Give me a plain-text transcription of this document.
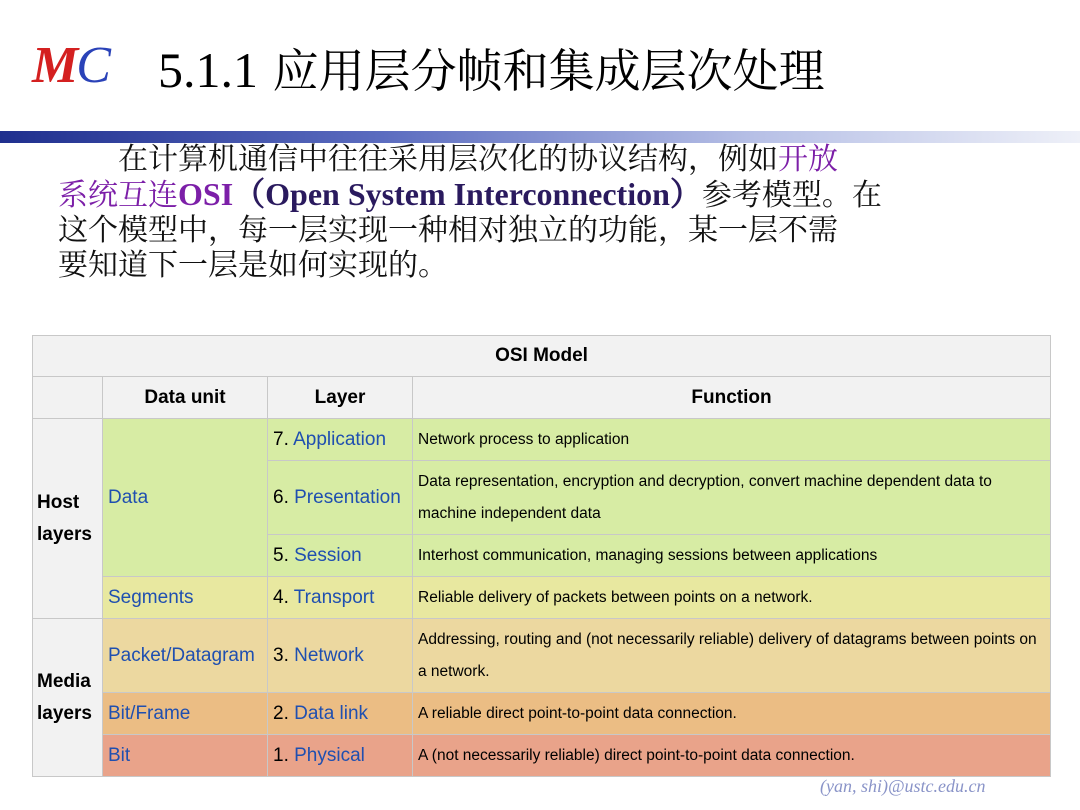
MC 5.1.1 应用层分帧和集成层次处理
在计算机通信中往往采用层次化的协议结构，例如开放
系统互连OSI（Open System Interconnection）参考模型。在
这个模型中，每一层实现一种相对独立的功能，某一层不需
要知道下一层是如何实现的。
OSI Model			
	Data unit	Layer	Function
Host layers	Data	7. Application	Network process to application
		6. Presentation	Data representation, encryption and decryption, convert machine dependent data to machine independent data
		5. Session	Interhost communication, managing sessions between applications
	Segments	4. Transport	Reliable delivery of packets between points on a network.
Media layers	Packet/Datagram	3. Network	Addressing, routing and (not necessarily reliable) delivery of datagrams between points on a network.
	Bit/Frame	2. Data link	A reliable direct point-to-point data connection.
	Bit	1. Physical	A (not necessarily reliable) direct point-to-point data connection.
(yan, shi)@ustc.edu.cn
